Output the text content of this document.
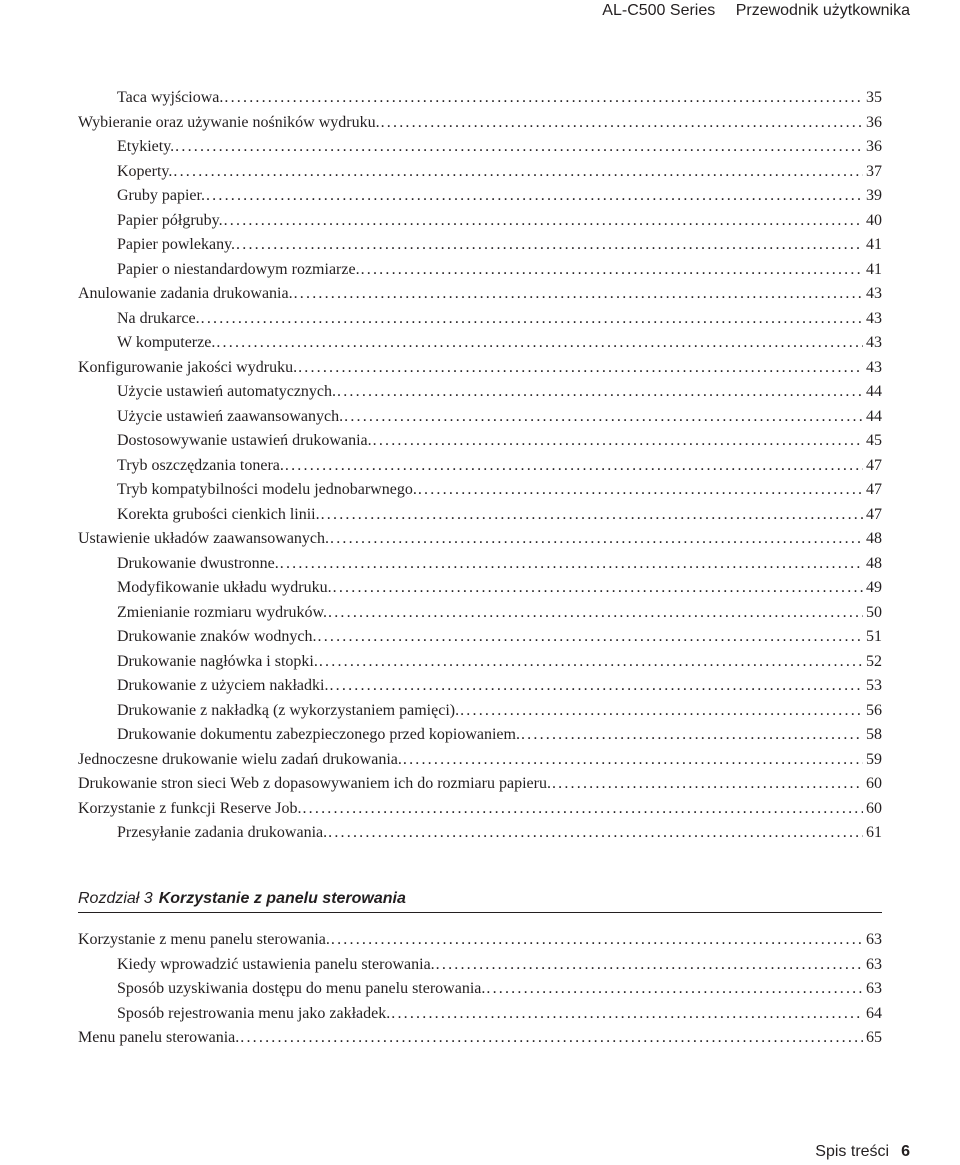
AL-C500 Series Przewodnik użytkownika
Taca wyjściowa. .....	35
Wybieranie oraz używanie nośników wydruku. .....	36
Etykiety. .....	36
Koperty. .....	37
Gruby papier. .....	39
Papier półgruby. .....	40
Papier powlekany. .....	41
Papier o niestandardowym rozmiarze. .....	41
Anulowanie zadania drukowania. .....	43
Na drukarce. .....	43
W komputerze. .....	43
Konfigurowanie jakości wydruku. .....	43
Użycie ustawień automatycznych. .....	44
Użycie ustawień zaawansowanych. .....	44
Dostosowywanie ustawień drukowania. .....	45
Tryb oszczędzania tonera. .....	47
Tryb kompatybilności modelu jednobarwnego. .....	47
Korekta grubości cienkich linii. .....	47
Ustawienie układów zaawansowanych. .....	48
Drukowanie dwustronne. .....	48
Modyfikowanie układu wydruku. .....	49
Zmienianie rozmiaru wydruków. .....	50
Drukowanie znaków wodnych. .....	51
Drukowanie nagłówka i stopki. .....	52
Drukowanie z użyciem nakładki. .....	53
Drukowanie z nakładką (z wykorzystaniem pamięci). .....	56
Drukowanie dokumentu zabezpieczonego przed kopiowaniem. .....	58
Jednoczesne drukowanie wielu zadań drukowania. .....	59
Drukowanie stron sieci Web z dopasowywaniem ich do rozmiaru papieru. .....	60
Korzystanie z funkcji Reserve Job. .....	60
Przesyłanie zadania drukowania. .....	61
Rozdział 3 Korzystanie z panelu sterowania
Korzystanie z menu panelu sterowania. .....	63
Kiedy wprowadzić ustawienia panelu sterowania. .....	63
Sposób uzyskiwania dostępu do menu panelu sterowania. .....	63
Sposób rejestrowania menu jako zakładek. .....	64
Menu panelu sterowania. .....	65
Spis treści 6
